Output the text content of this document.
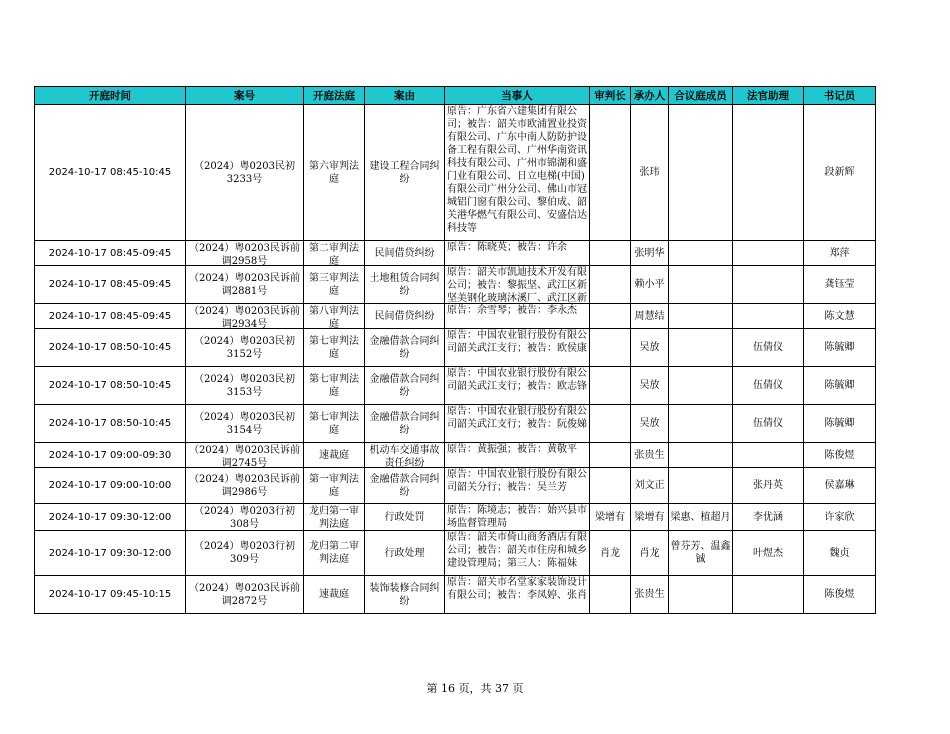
开庭时间	案号	开庭法庭	案由	当事人	审判长	承办人	合议庭成员	法官助理	书记员

2024-10-17 08:45-10:45	（2024）粤0203民初3233号	第六审判法庭	建设工程合同纠纷	原告：广东省六建集团有限公司；被告：韶关市欧浦置业投资有限公司、广东中南人防防护设备工程有限公司、广州华南资讯科技有限公司、广州市锦湖和盛门业有限公司、日立电梯(中国)有限公司广州分公司、佛山市冠城铝门窗有限公司、黎伯成、韶关港华燃气有限公司、安盛信达科技等		张玮			段新辉

2024-10-17 08:45-09:45	（2024）粤0203民诉前调2958号	第二审判法庭	民间借贷纠纷	原告：陈晓英；被告：许余		张明华			郑萍

2024-10-17 08:45-09:45	（2024）粤0203民诉前调2881号	第三审判法庭	土地租赁合同纠纷	原告：韶关市凯迪技术开发有限公司；被告：黎振坚、武江区新坚美钢化玻璃沐溪厂、武江区新		赖小平			龚钰莹

2024-10-17 08:45-09:45	（2024）粤0203民诉前调2934号	第八审判法庭	民间借贷纠纷	原告：余雪琴；被告：李永杰		周慧结			陈文慧

2024-10-17 08:50-10:45	（2024）粤0203民初3152号	第七审判法庭	金融借款合同纠纷	原告：中国农业银行股份有限公司韶关武江支行；被告：欧侯康		吴放		伍倩仪	陈毓卿

2024-10-17 08:50-10:45	（2024）粤0203民初3153号	第七审判法庭	金融借款合同纠纷	原告：中国农业银行股份有限公司韶关武江支行；被告：欧志锋		吴放		伍倩仪	陈毓卿

2024-10-17 08:50-10:45	（2024）粤0203民初3154号	第七审判法庭	金融借款合同纠纷	原告：中国农业银行股份有限公司韶关武江支行；被告：阮俊娣		吴放		伍倩仪	陈毓卿

2024-10-17 09:00-09:30	（2024）粤0203民诉前调2745号	速裁庭	机动车交通事故责任纠纷	原告：黄振强；被告：黄敬平		张贵生			陈俊煜

2024-10-17 09:00-10:00	（2024）粤0203民诉前调2986号	第一审判法庭	金融借款合同纠纷	原告：中国农业银行股份有限公司韶关分行；被告：吴兰芳		刘文正		张丹英	侯嘉琳

2024-10-17 09:30-12:00	（2024）粤0203行初308号	龙归第一审判法庭	行政处罚	原告：陈境志；被告：始兴县市场监督管理局	梁增有	梁增有	梁惠、植超月	李优涵	许家欣

2024-10-17 09:30-12:00	（2024）粤0203行初309号	龙归第二审判法庭	行政处理	原告：韶关市倚山商务酒店有限公司；被告：韶关市住房和城乡建设管理局；第三人：陈福妹	肖龙	肖龙	曾芬芳、温鑫铖	叶煜杰	魏贞

2024-10-17 09:45-10:15	（2024）粤0203民诉前调2872号	速裁庭	装饰装修合同纠纷	原告：韶关市名堂家家装饰设计有限公司；被告：李凤婷、张肖		张贵生			陈俊煜
第 16 页，共 37 页
